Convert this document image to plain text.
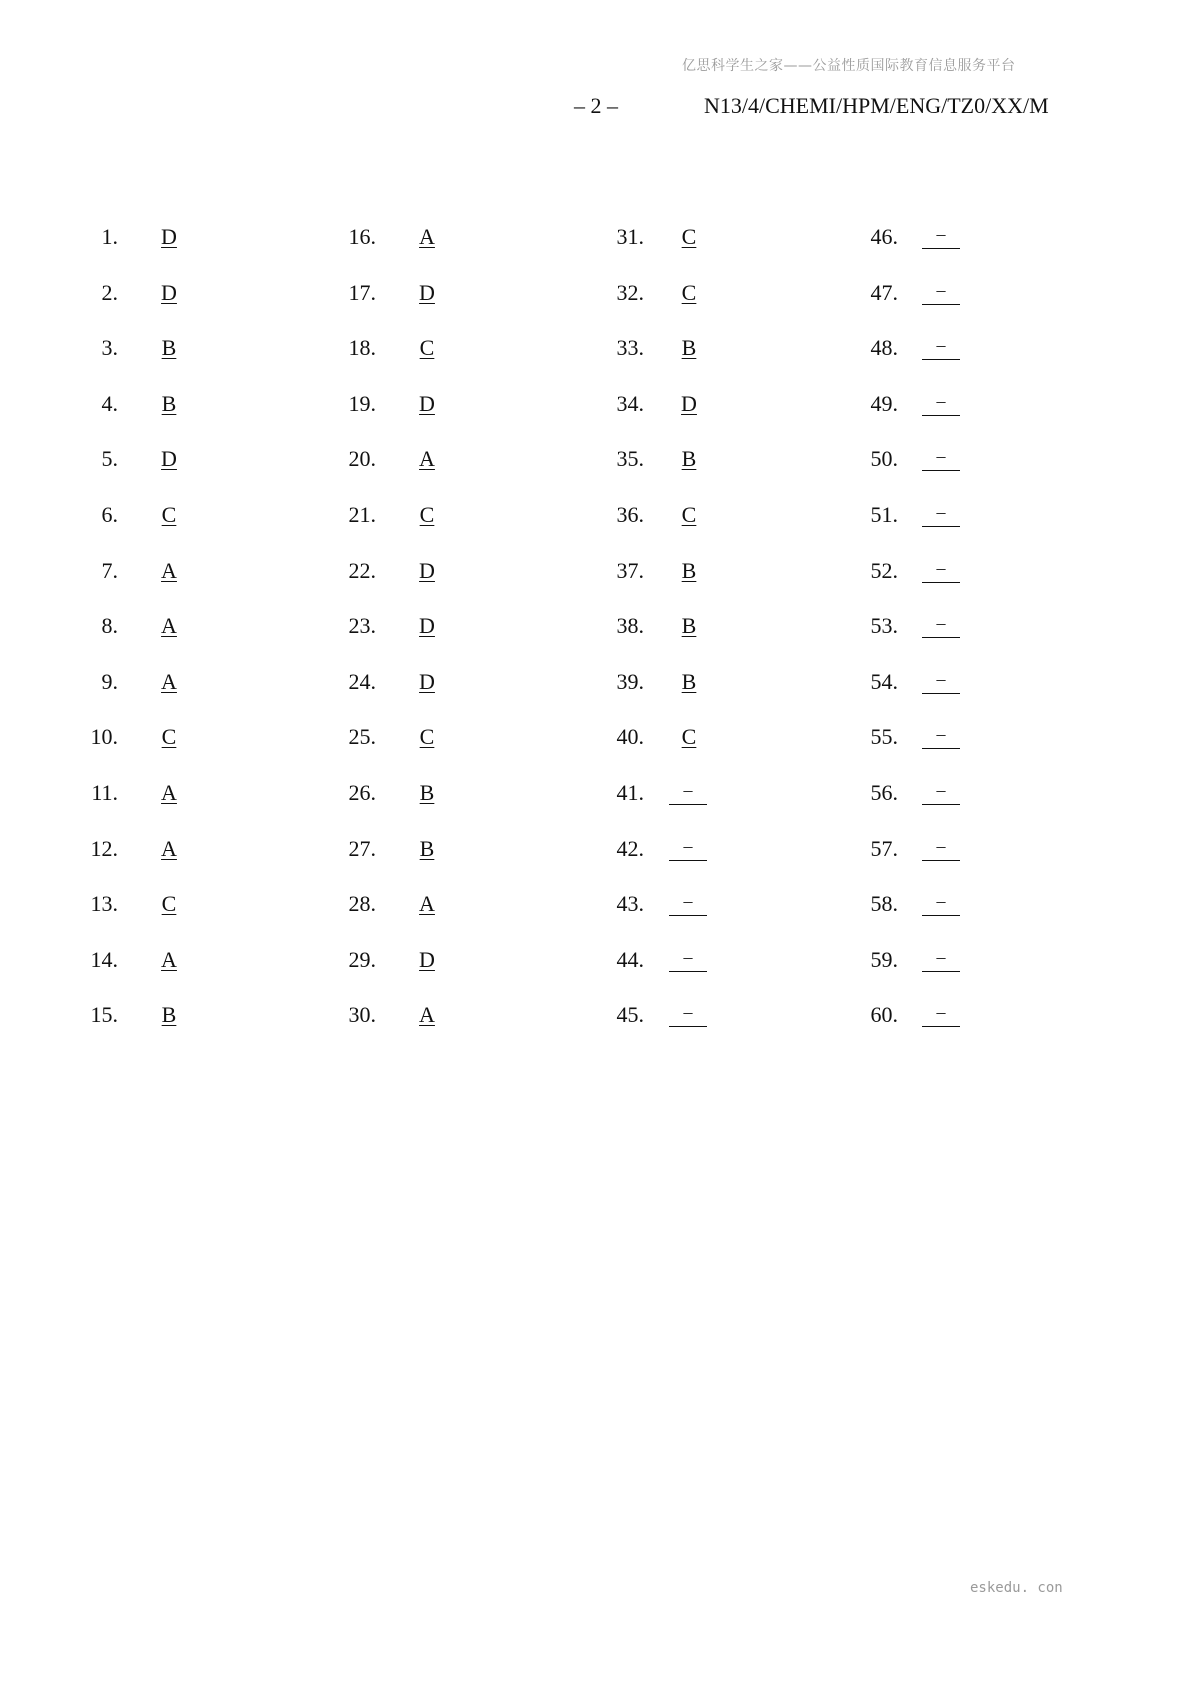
亿思科学生之家——公益性质国际教育信息服务平台
– 2 –	N13/4/CHEMI/HPM/ENG/TZ0/XX/M
1.	D
2.	D
3.	B
4.	B
5.	D
6.	C
7.	A
8.	A
9.	A
10.	C
11.	A
12.	A
13.	C
14.	A
15.	B
16.	A
17.	D
18.	C
19.	D
20.	A
21.	C
22.	D
23.	D
24.	D
25.	C
26.	B
27.	B
28.	A
29.	D
30.	A
31.	C
32.	C
33.	B
34.	D
35.	B
36.	C
37.	B
38.	B
39.	B
40.	C
41.	–
42.	–
43.	–
44.	–
45.	–
46.	–
47.	–
48.	–
49.	–
50.	–
51.	–
52.	–
53.	–
54.	–
55.	–
56.	–
57.	–
58.	–
59.	–
60.	–
eskedu. con
